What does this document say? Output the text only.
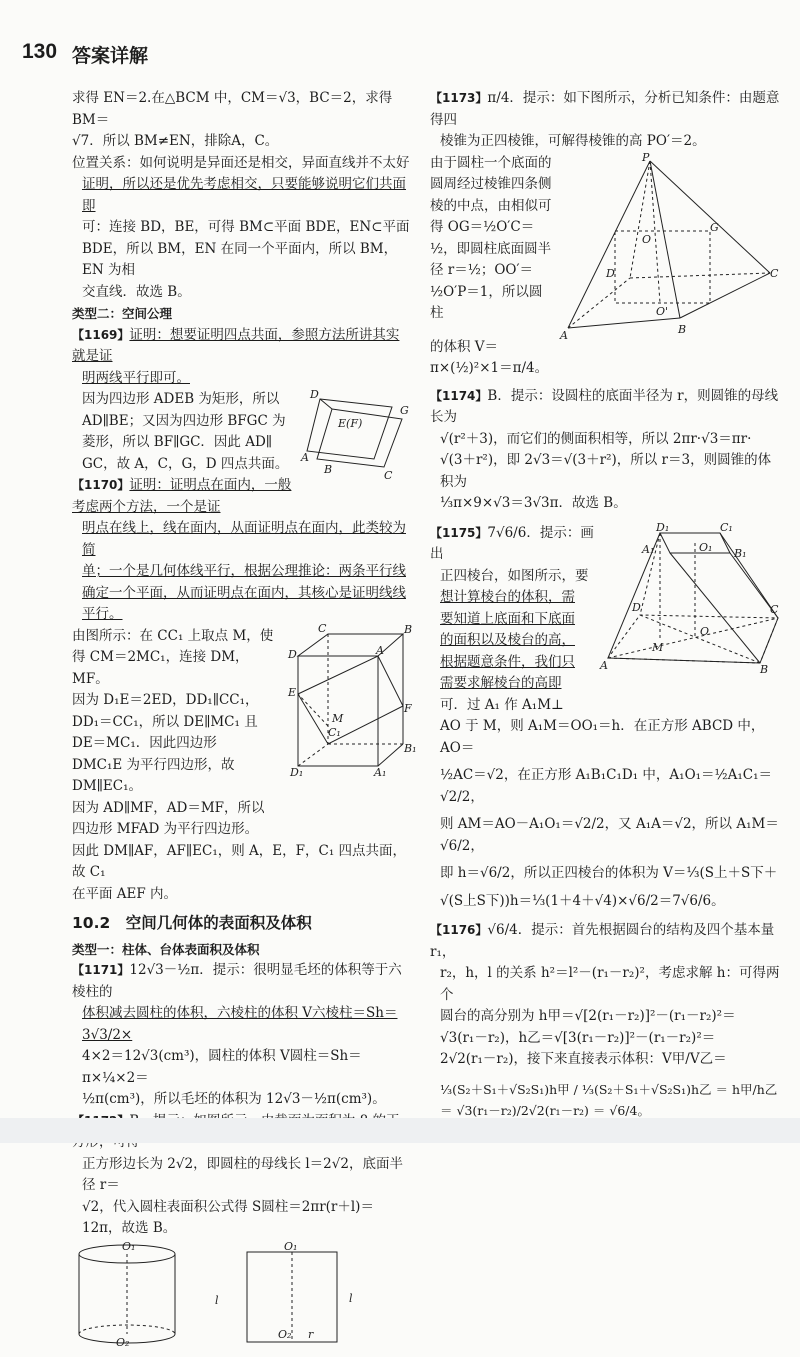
130 答案详解

求得 EN＝2.在△BCM 中，CM＝√3，BC＝2，求得 BM＝

√7．所以 BM≠EN，排除A，C。

位置关系：如何说明是异面还是相交，异面直线并不太好

证明，所以还是优先考虑相交，只要能够说明它们共面即

可：连接 BD，BE，可得 BM⊂平面 BDE，EN⊂平面

BDE，所以 BM，EN 在同一个平面内，所以 BM，EN 为相

交直线．故选 B。

类型二：空间公理

【1169】证明：想要证明四点共面，参照方法所讲其实就是证

明两线平行即可。

D
G
E(F)
A
B	C

因为四边形 ADEB 为矩形，所以

AD∥BE；又因为四边形 BFGC 为

菱形，所以 BF∥GC．因此 AD∥

GC，故 A，C，G，D 四点共面。

【1170】证明：证明点在面内，一般考虑两个方法，一个是证

明点在线上，线在面内，从面证明点在面内，此类较为简

单；一个是几何体线平行，根据公理推论：两条平行线

确定一个平面，从而证明点在面内，其核心是证明线线

平行。

C	B
D	A
E
F
M
C₁
B₁
D₁	A₁

由图所示：在 CC₁ 上取点 M，使

得 CM＝2MC₁，连接 DM，MF。

因为 D₁E＝2ED，DD₁∥CC₁，

DD₁＝CC₁，所以 DE∥MC₁ 且

DE＝MC₁．因此四边形

DMC₁E 为平行四边形，故

DM∥EC₁。

因为 AD∥MF，AD＝MF，所以

四边形 MFAD 为平行四边形。

因此 DM∥AF，AF∥EC₁，则 A，E，F，C₁ 四点共面，故 C₁

在平面 AEF 内。

10.2　空间几何体的表面积及体积

类型一：柱体、台体表面积及体积

【1171】12√3－½π．提示：很明显毛坯的体积等于六棱柱的

体积减去圆柱的体积，六棱柱的体积 V六棱柱＝Sh＝3√3/2×

4×2＝12√3(cm³)，圆柱的体积 V圆柱＝Sh＝π×¼×2＝

½π(cm³)，所以毛坯的体积为 12√3－½π(cm³)。

正方形边长为 2√2，即圆柱的母线长 l＝2√2，底面半径 r＝

√2，代入圆柱表面积公式得 S圆柱＝2πr(r＋l)＝12π，故选 B。

O₁
O₂
l
O₁
O₂ r
l

【1173】π/4．提示：如下图所示，分析已知条件：由题意得四

棱锥为正四棱锥，可解得棱锥的高 PO′＝2。

P
G
O
D	C
O'
A	B

由于圆柱一个底面的

圆周经过棱锥四条侧

棱的中点，由相似可

得 OG＝½O′C＝

½，即圆柱底面圆半

径 r＝½；OO′＝

½O′P＝1，所以圆柱

的体积 V＝π×(½)²×1＝π/4。

【1174】B．提示：设圆柱的底面半径为 r，则圆锥的母线长为

√(r²＋3)，而它们的侧面积相等，所以 2πr·√3＝πr·

√(3＋r²)，即 2√3＝√(3＋r²)，所以 r＝3，则圆锥的体积为

⅓π×9×√3＝3√3π．故选 B。

D₁	C₁
A₁	B₁
O₁
O
M
A	B
C
D

【1175】7√6/6．提示：画出

正四棱台，如图所示，要

想计算棱台的体积，需

要知道上底面和下底面

的面积以及棱台的高，

根据题意条件，我们只

需要求解棱台的高即

可．过 A₁ 作 A₁M⊥

AO 于 M，则 A₁M＝OO₁＝h．在正方形 ABCD 中，AO＝

½AC＝√2，在正方形 A₁B₁C₁D₁ 中，A₁O₁＝½A₁C₁＝√2/2，

则 AM＝AO－A₁O₁＝√2/2，又 A₁A＝√2，所以 A₁M＝√6/2，

即 h＝√6/2，所以正四棱台的体积为 V＝⅓(S上＋S下＋

√(S上S下))h＝⅓(1＋4＋√4)×√6/2＝7√6/6。

【1176】√6/4．提示：首先根据圆台的结构及四个基本量 r₁，

r₂，h，l 的关系 h²＝l²－(r₁－r₂)²，考虑求解 h：可得两个

圆台的高分别为 h甲＝√[2(r₁－r₂)]²－(r₁－r₂)²＝

√3(r₁－r₂)，h乙＝√[3(r₁－r₂)]²－(r₁－r₂)²＝

2√2(r₁－r₂)，接下来直接表示体积：V甲/V乙＝

⅓(S₂＋S₁＋√S₂S₁)h甲 / ⅓(S₂＋S₁＋√S₂S₁)h乙 ＝ h甲/h乙 ＝ √3(r₁－r₂)/2√2(r₁－r₂) ＝ √6/4。
